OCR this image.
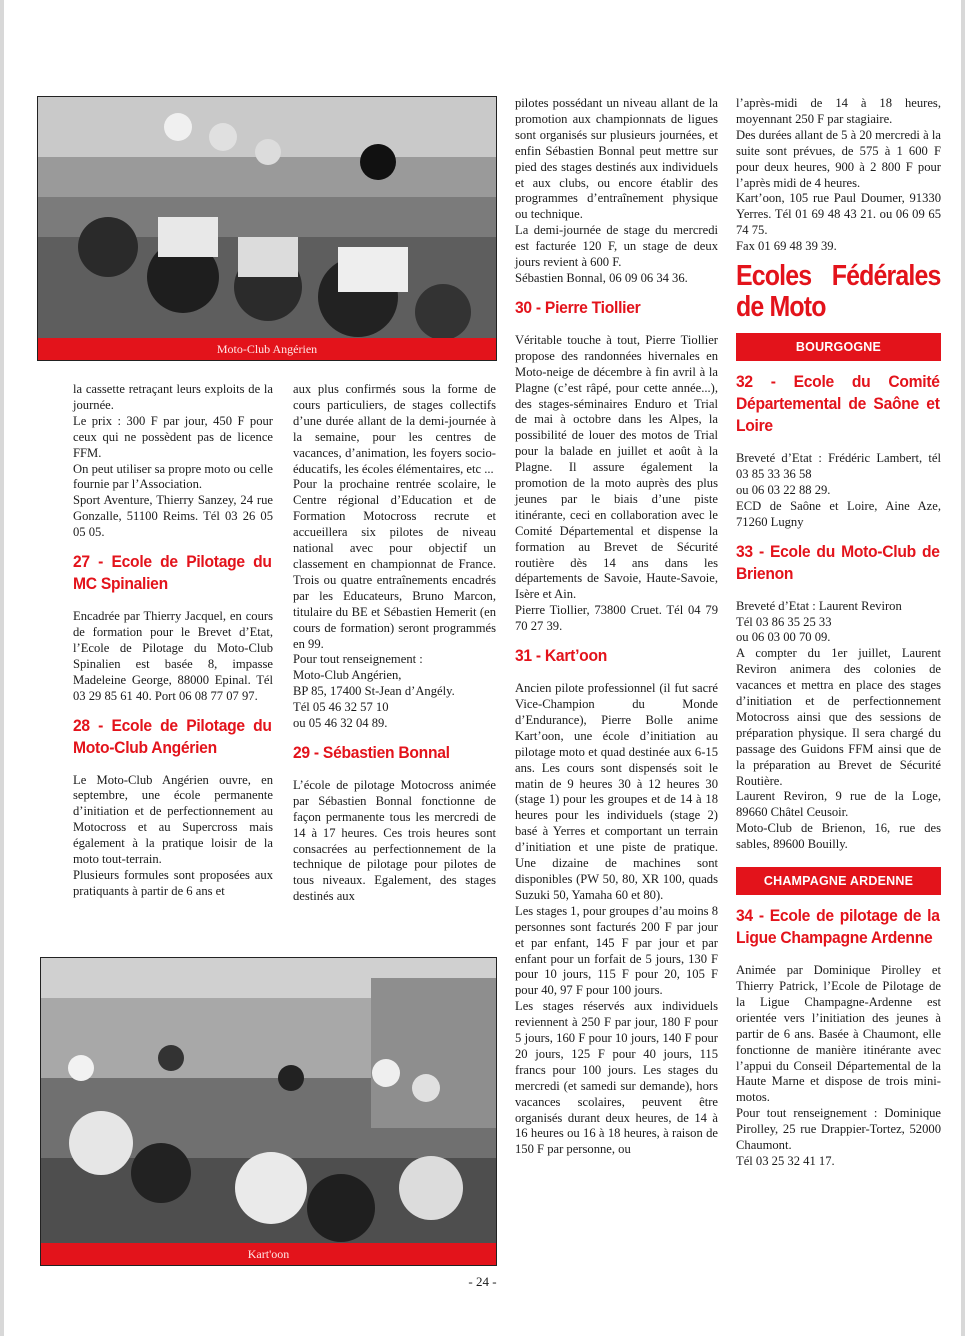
Moto-Club Angérien

la cassette retraçant leurs exploits de la journée.

Le prix : 300 F par jour, 450 F pour ceux qui ne possèdent pas de licence FFM.

On peut utiliser sa propre moto ou celle fournie par l’Association.

Sport Aventure, Thierry Sanzey, 24 rue Gonzalle, 51100 Reims. Tél 03 26 05 05 05.

27 - Ecole de Pilotage du MC Spinalien

Encadrée par Thierry Jacquel, en cours de formation pour le Brevet d’Etat, l’Ecole de Pilotage du Moto-Club Spinalien est basée 8, impasse Madeleine George, 88000 Epinal. Tél 03 29 85 61 40. Port 06 08 77 07 97.

28 - Ecole de Pilotage du Moto-Club Angérien

Le Moto-Club Angérien ouvre, en septembre, une école permanente d’initiation et de perfectionnement au Motocross et au Supercross mais également à la pratique loisir de la moto tout-terrain.

Plusieurs formules sont proposées aux pratiquants à partir de 6 ans et

aux plus confirmés sous la forme de cours particuliers, de stages collectifs d’une durée allant de la demi-journée à la semaine, pour les centres de vacances, d’animation, les foyers socio-éducatifs, les écoles élémentaires, etc ...

Pour la prochaine rentrée scolaire, le Centre régional d’Education et de Formation Motocross recrute et accueillera six pilotes de niveau national avec pour objectif un classement en championnat de France. Trois ou quatre entraînements encadrés par les Educateurs, Bruno Marcon, titulaire du BE et Sébastien Hemerit (en cours de formation) seront programmés en 99.

Pour tout renseignement :

Moto-Club Angérien,

BP 85, 17400 St-Jean d’Angély.

Tél 05 46 32 57 10

ou 05 46 32 04 89.

29 - Sébastien Bonnal

L’école de pilotage Motocross animée par Sébastien Bonnal fonctionne de façon permanente tous les mercredi de 14 à 17 heures. Ces trois heures sont consacrées au perfectionnement de la technique de pilotage pour pilotes de tous niveaux. Egalement, des stages destinés aux

Kart'oon

pilotes possédant un niveau allant de la promotion aux championnats de ligues sont organisés sur plusieurs journées, et enfin Sébastien Bonnal peut mettre sur pied des stages destinés aux individuels et aux clubs, ou encore établir des programmes d’entraînement physique ou technique.

La demi-journée de stage du mercredi est facturée 120 F, un stage de deux jours revient à 600 F.

Sébastien Bonnal, 06 09 06 34 36.

30 - Pierre Tiollier

Véritable touche à tout, Pierre Tiollier propose des randonnées hivernales en Moto-neige de décembre à fin avril à la Plagne (c’est râpé, pour cette année...), des stages-séminaires Enduro et Trial de mai à octobre dans les Alpes, la possibilité de louer des motos de Trial pour la balade en juillet et août à la Plagne. Il assure également la promotion de la moto auprès des plus jeunes par le biais d’une piste itinérante, ceci en collaboration avec le Comité Départemental et dispense la formation au Brevet de Sécurité routière dès 14 ans dans les départements de Savoie, Haute-Savoie, Isère et Ain.

Pierre Tiollier, 73800 Cruet. Tél 04 79 70 27 39.

31 - Kart’oon

Ancien pilote professionnel (il fut sacré Vice-Champion du Monde d’Endurance), Pierre Bolle anime Kart’oon, une école d’initiation au pilotage moto et quad destinée aux 6-15 ans. Les cours sont dispensés soit le matin de 9 heures 30 à 12 heures 30 (stage 1) pour les groupes et de 14 à 18 heures pour les individuels (stage 2) basé à Yerres et comportant un terrain d’initiation et une piste de pratique. Une dizaine de machines sont disponibles (PW 50, 80, XR 100, quads Suzuki 50, Yamaha 60 et 80).

Les stages 1, pour groupes d’au moins 8 personnes sont facturés 200 F par jour et par enfant, 145 F par jour et par enfant pour un forfait de 5 jours, 130 F pour 10 jours, 115 F pour 20, 105 F pour 40, 97 F pour 100 jours.

Les stages réservés aux individuels reviennent à 250 F par jour, 180 F pour 5 jours, 160 F pour 10 jours, 140 F pour 20 jours, 125 F pour 40 jours, 115 francs pour 100 jours. Les stages du mercredi (et samedi sur demande), hors vacances scolaires, peuvent être organisés durant deux heures, de 14 à 16 heures ou 16 à 18 heures, à raison de 150 F par personne, ou

l’après-midi de 14 à 18 heures, moyennant 250 F par stagiaire.

Des durées allant de 5 à 20 mercredi à la suite sont prévues, de 575 à 1 600 F pour deux heures, 900 à 2 800 F pour l’après midi de 4 heures.

Kart’oon, 105 rue Paul Doumer, 91330 Yerres. Tél 01 69 48 43 21. ou 06 09 65 74 75.

Fax 01 69 48 39 39.

Ecoles Fédérales de Moto
BOURGOGNE
32 - Ecole du Comité Départemental de Saône et Loire

Breveté d’Etat : Frédéric Lambert, tél 03 85 33 36 58

ou 06 03 22 88 29.

ECD de Saône et Loire, Aine Aze, 71260 Lugny

33 - Ecole du Moto-Club de Brienon

Breveté d’Etat : Laurent Reviron

Tél 03 86 35 25 33

ou 06 03 00 70 09.

A compter du 1er juillet, Laurent Reviron animera des colonies de vacances et mettra en place des stages d’initiation et de perfectionnement Motocross ainsi que des sessions de préparation physique. Il sera chargé du passage des Guidons FFM ainsi que de la préparation au Brevet de Sécurité Routière.

Laurent Reviron, 9 rue de la Loge, 89660 Châtel Ceusoir.

Moto-Club de Brienon, 16, rue des sables, 89600 Bouilly.

CHAMPAGNE ARDENNE
34 - Ecole de pilotage de la Ligue Champagne Ardenne

Animée par Dominique Pirolley et Thierry Patrick, l’Ecole de Pilotage de la Ligue Champagne-Ardenne est orientée vers l’initiation des jeunes à partir de 6 ans. Basée à Chaumont, elle fonctionne de manière itinérante avec l’appui du Conseil Départemental de la Haute Marne et dispose de trois mini-motos.

Pour tout renseignement : Dominique Pirolley, 25 rue Drappier-Tortez, 52000 Chaumont.

Tél 03 25 32 41 17.

- 24 -
